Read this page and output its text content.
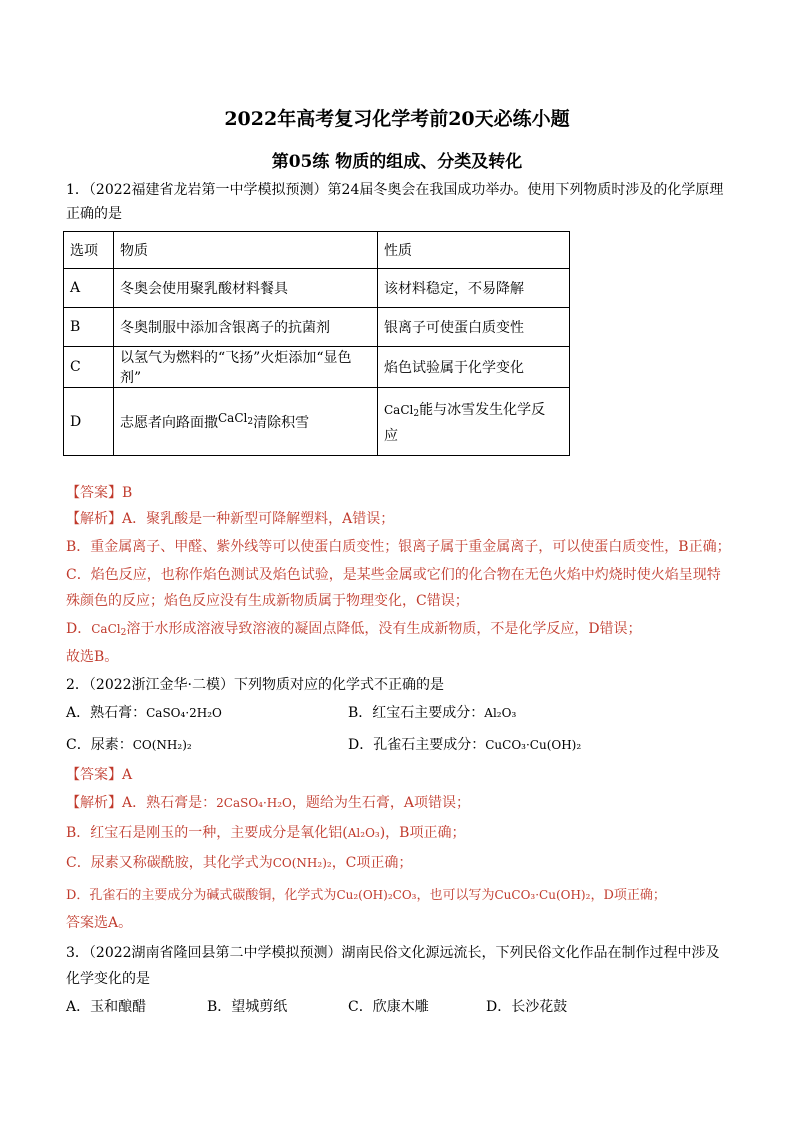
2022年高考复习化学考前20天必练小题
第05练 物质的组成、分类及转化
1．（2022福建省龙岩第一中学模拟预测）第24届冬奥会在我国成功举办。使用下列物质时涉及的化学原理
正确的是
选项	物质	性质
A	冬奥会使用聚乳酸材料餐具	该材料稳定，不易降解
B	冬奥制服中添加含银离子的抗菌剂	银离子可使蛋白质变性
C	以氢气为燃料的“飞扬”火炬添加“显色剂”	焰色试验属于化学变化
D	志愿者向路面撒CaCl$_2$清除积雪	CaCl$_2$能与冰雪发生化学反
应
【答案】B
【解析】A．聚乳酸是一种新型可降解塑料，A错误；
B．重金属离子、甲醛、紫外线等可以使蛋白质变性；银离子属于重金属离子，可以使蛋白质变性，B正确；
C．焰色反应，也称作焰色测试及焰色试验，是某些金属或它们的化合物在无色火焰中灼烧时使火焰呈现特
殊颜色的反应；焰色反应没有生成新物质属于物理变化，C错误；
D．CaCl$_2$溶于水形成溶液导致溶液的凝固点降低，没有生成新物质，不是化学反应，D错误；
故选B。
2．（2022浙江金华·二模）下列物质对应的化学式不正确的是
A．熟石膏：CaSO₄·2H₂O	B．红宝石主要成分：Al₂O₃
C．尿素：CO(NH₂)₂	D．孔雀石主要成分：CuCO₃·Cu(OH)₂
【答案】A
【解析】A．熟石膏是：2CaSO₄·H₂O，题给为生石膏，A项错误；
B．红宝石是刚玉的一种，主要成分是氧化铝(Al₂O₃)，B项正确；
C．尿素又称碳酰胺，其化学式为CO(NH₂)₂，C项正确；
D．孔雀石的主要成分为碱式碳酸铜，化学式为Cu₂(OH)₂CO₃，也可以写为CuCO₃·Cu(OH)₂，D项正确；
答案选A。
3．（2022湖南省隆回县第二中学模拟预测）湖南民俗文化源远流长，下列民俗文化作品在制作过程中涉及
化学变化的是
A．玉和酿醋	B．望城剪纸	C．欣康木雕	D．长沙花鼓
